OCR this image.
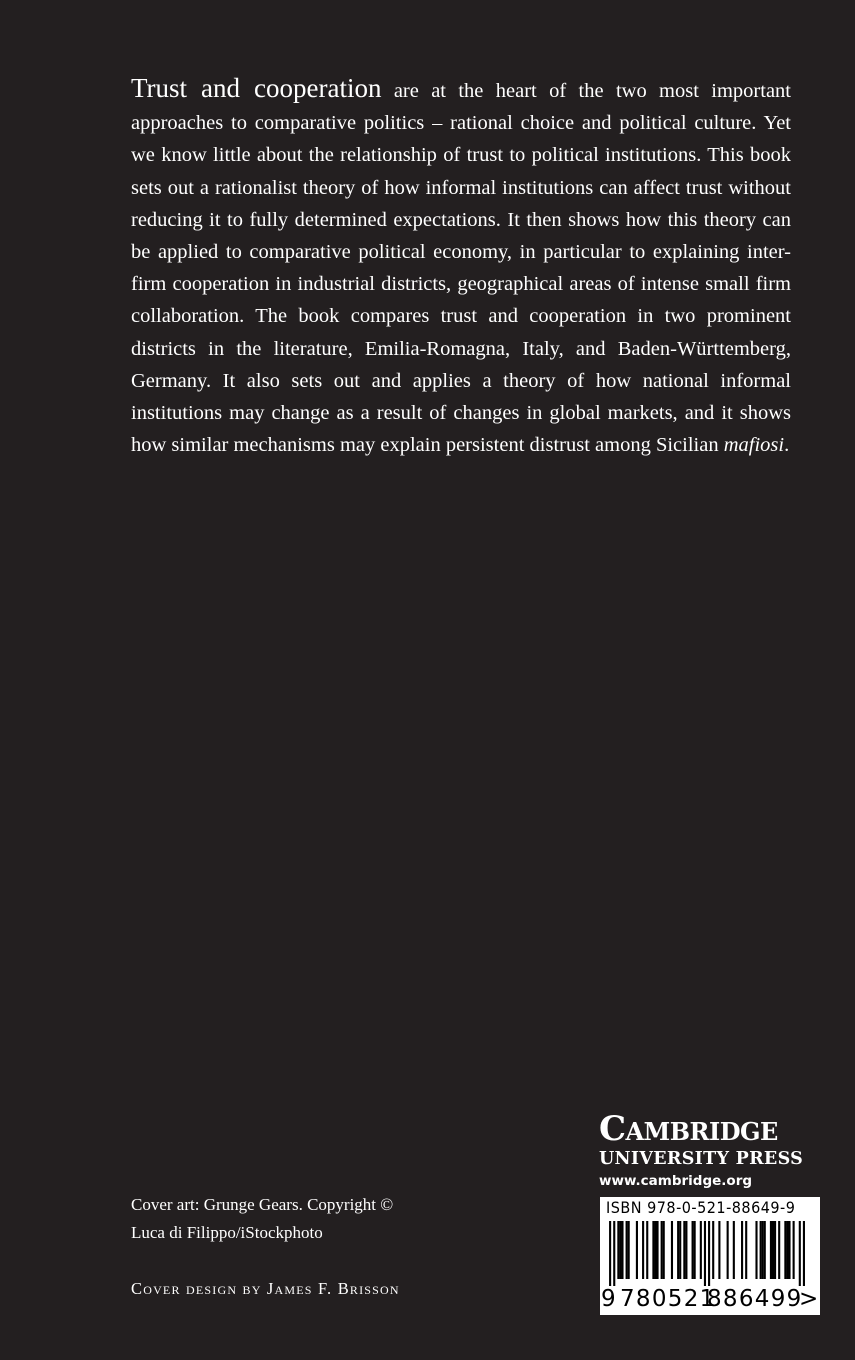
Trust and cooperation are at the heart of the two most important approaches to comparative politics – rational choice and political culture. Yet we know little about the relationship of trust to political institutions. This book sets out a rationalist theory of how informal institutions can affect trust without reducing it to fully determined expectations. It then shows how this theory can be applied to comparative political economy, in particular to explaining inter-firm cooperation in industrial districts, geographical areas of intense small firm collaboration. The book compares trust and cooperation in two prominent districts in the literature, Emilia-Romagna, Italy, and Baden-Württemberg, Germany. It also sets out and applies a theory of how national informal institutions may change as a result of changes in global markets, and it shows how similar mechanisms may explain persistent distrust among Sicilian mafiosi.

Cover art: Grunge Gears. Copyright ©
Luca di Filippo/iStockphoto

Cover design by James F. Brisson

Cambridge
UNIVERSITY PRESS
www.cambridge.org
ISBN 978-0-521-88649-9
9 780521
886499
>
